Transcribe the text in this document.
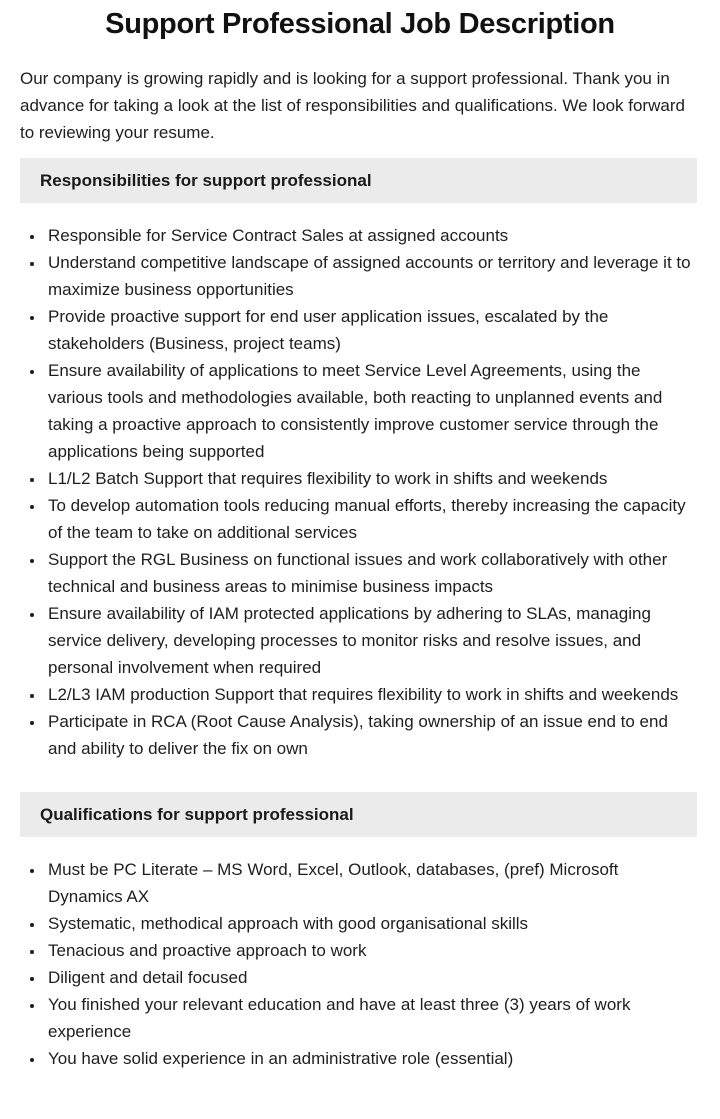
Support Professional Job Description

Our company is growing rapidly and is looking for a support professional. Thank you in advance for taking a look at the list of responsibilities and qualifications. We look forward to reviewing your resume.

Responsibilities for support professional
• Responsible for Service Contract Sales at assigned accounts
• Understand competitive landscape of assigned accounts or territory and leverage it to maximize business opportunities
• Provide proactive support for end user application issues, escalated by the stakeholders (Business, project teams)
• Ensure availability of applications to meet Service Level Agreements, using the various tools and methodologies available, both reacting to unplanned events and taking a proactive approach to consistently improve customer service through the applications being supported
• L1/L2 Batch Support that requires flexibility to work in shifts and weekends
• To develop automation tools reducing manual efforts, thereby increasing the capacity of the team to take on additional services
• Support the RGL Business on functional issues and work collaboratively with other technical and business areas to minimise business impacts
• Ensure availability of IAM protected applications by adhering to SLAs, managing service delivery, developing processes to monitor risks and resolve issues, and personal involvement when required
• L2/L3 IAM production Support that requires flexibility to work in shifts and weekends
• Participate in RCA (Root Cause Analysis), taking ownership of an issue end to end and ability to deliver the fix on own
Qualifications for support professional
• Must be PC Literate – MS Word, Excel, Outlook, databases, (pref) Microsoft Dynamics AX
• Systematic, methodical approach with good organisational skills
• Tenacious and proactive approach to work
• Diligent and detail focused
• You finished your relevant education and have at least three (3) years of work experience
• You have solid experience in an administrative role (essential)
